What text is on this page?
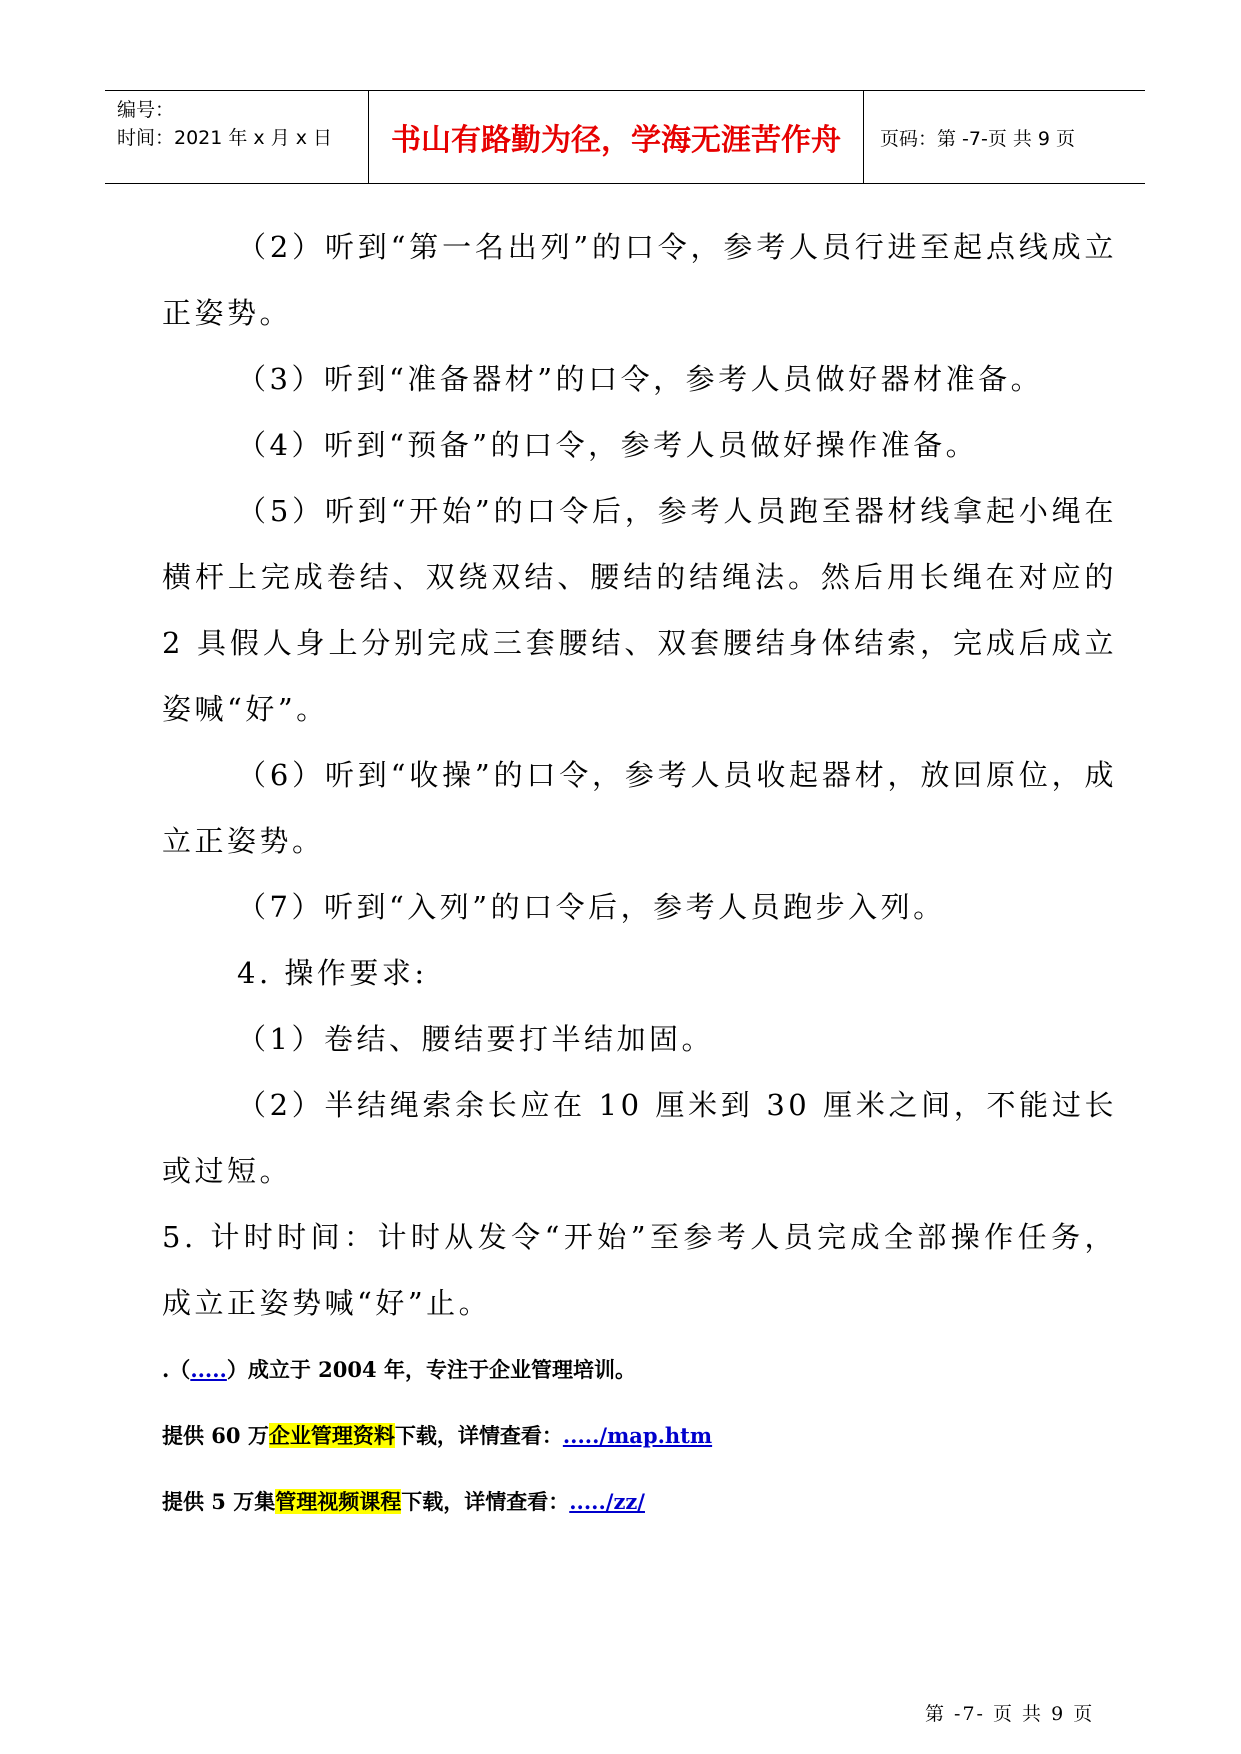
编号：
时间：2021 年 x 月 x 日	书山有路勤为径，学海无涯苦作舟	页码：第 -7-页 共 9 页

（2）听到“第一名出列”的口令，参考人员行进至起点线成立正姿势。

（3）听到“准备器材”的口令，参考人员做好器材准备。

（4）听到“预备”的口令，参考人员做好操作准备。

（5）听到“开始”的口令后，参考人员跑至器材线拿起小绳在横杆上完成卷结、双绕双结、腰结的结绳法。然后用长绳在对应的 2 具假人身上分别完成三套腰结、双套腰结身体结索，完成后成立姿喊“好”。

（6）听到“收操”的口令，参考人员收起器材，放回原位，成立正姿势。

（7）听到“入列”的口令后，参考人员跑步入列。

4. 操作要求:

（1）卷结、腰结要打半结加固。

（2）半结绳索余长应在 10 厘米到 30 厘米之间，不能过长或过短。

5. 计时时间：计时从发令“开始”至参考人员完成全部操作任务，成立正姿势喊“好”止。

.（.....）成立于 2004 年，专注于企业管理培训。
提供 60 万企业管理资料下载，详情查看：...../map.htm
提供 5 万集管理视频课程下载，详情查看：...../zz/
第 -7- 页 共 9 页
